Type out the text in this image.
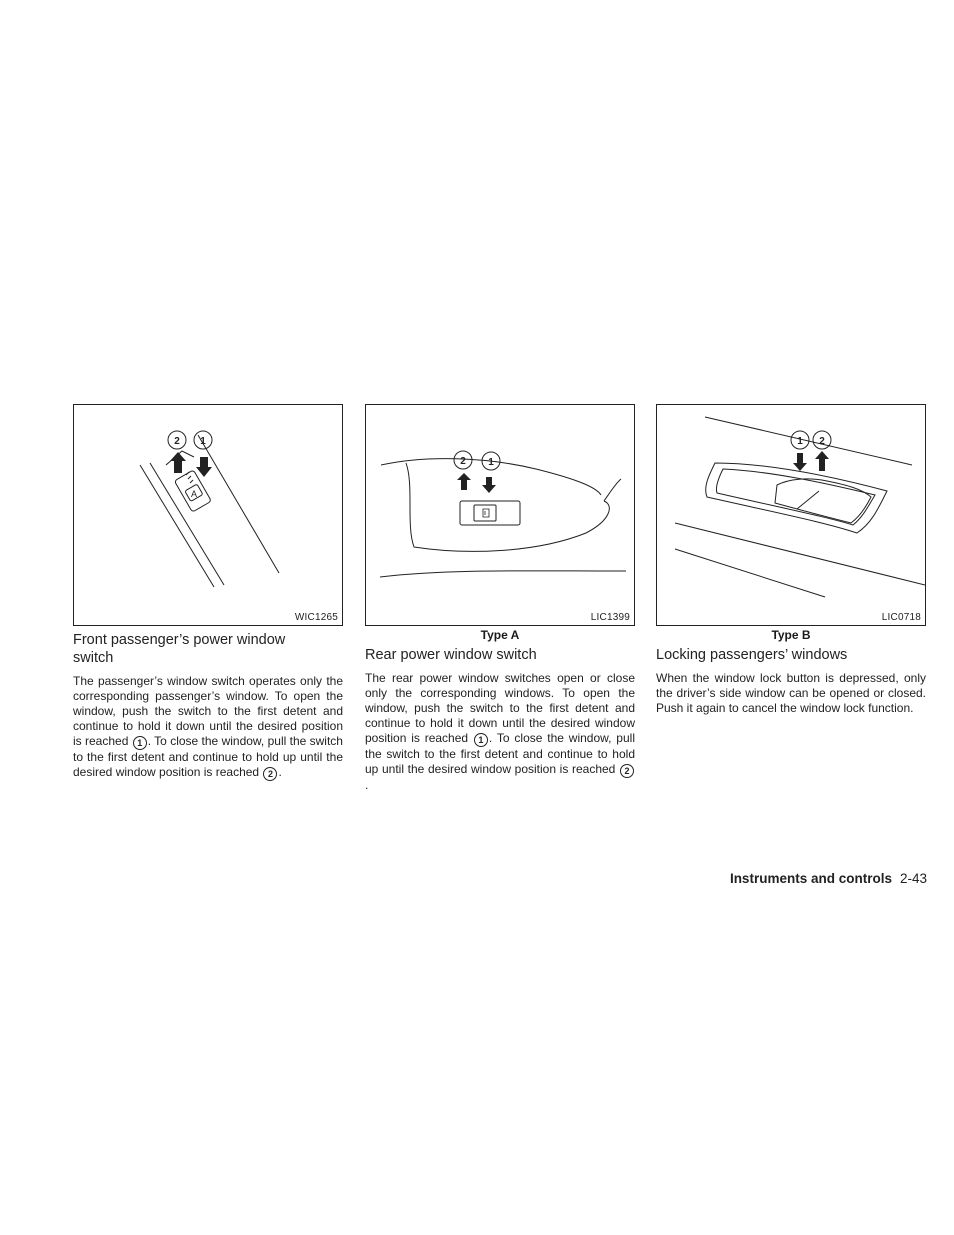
A
2 1
WIC1265
2 1
LIC1399
1 2
LIC0718
Type A	Type B
Front passenger’s power window switch

The passenger’s window switch operates only the corresponding passenger’s window. To open the window, push the switch to the first detent and continue to hold it down until the desired position is reached 1 . To close the window, pull the switch to the first detent and continue to hold up until the desired window position is reached 2 .

Rear power window switch

The rear power window switches open or close only the corresponding windows. To open the window, push the switch to the first detent and continue to hold it down until the desired window position is reached 1 . To close the window, pull the switch to the first detent and continue to hold up until the desired window position is reached 2.

Locking passengers’ windows

When the window lock button is depressed, only the driver’s side window can be opened or closed. Push it again to cancel the window lock function.

Instruments and controls 2-43
